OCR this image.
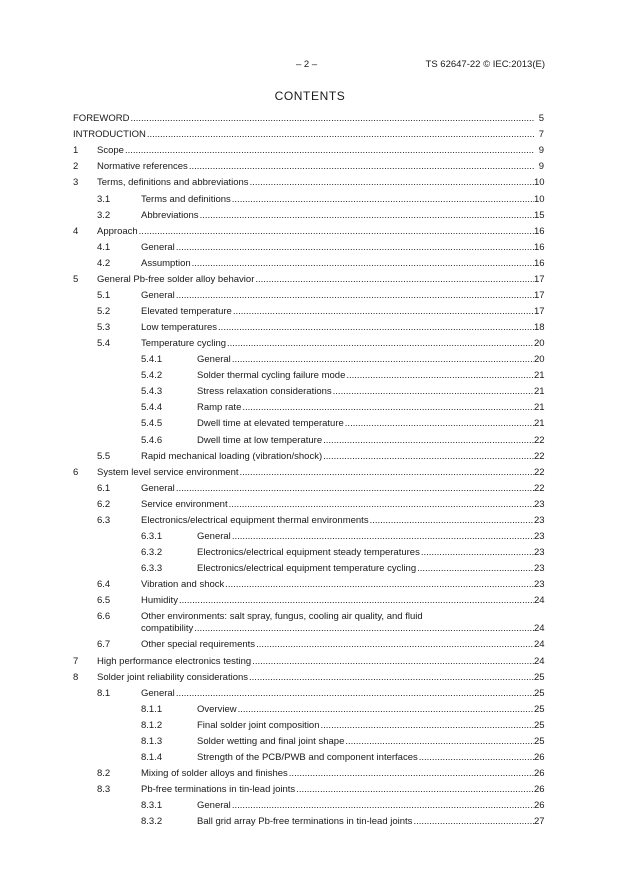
– 2 –	TS 62647-22 © IEC:2013(E)
CONTENTS
FOREWORD .....	5
INTRODUCTION .....	7
1 Scope .....	9
2 Normative references .....	9
3 Terms, definitions and abbreviations .....	10
3.1	Terms and definitions .....	10
3.2	Abbreviations .....	15
4 Approach .....	16
4.1	General .....	16
4.2	Assumption .....	16
5 General Pb-free solder alloy behavior .....	17
5.1	General .....	17
5.2	Elevated temperature .....	17
5.3	Low temperatures .....	18
5.4	Temperature cycling .....	20
5.4.1	General .....	20
5.4.2	Solder thermal cycling failure mode .....	21
5.4.3	Stress relaxation considerations .....	21
5.4.4	Ramp rate .....	21
5.4.5	Dwell time at elevated temperature .....	21
5.4.6	Dwell time at low temperature .....	22
5.5	Rapid mechanical loading (vibration/shock) .....	22
6 System level service environment .....	22
6.1	General .....	22
6.2	Service environment .....	23
6.3	Electronics/electrical equipment thermal environments .....	23
6.3.1	General .....	23
6.3.2	Electronics/electrical equipment steady temperatures .....	23
6.3.3	Electronics/electrical equipment temperature cycling .....	23
6.4	Vibration and shock .....	23
6.5	Humidity .....	24
6.6	Other environments: salt spray, fungus, cooling air quality, and fluid
compatibility .....	24
6.7	Other special requirements .....	24
7 High performance electronics testing .....	24
8 Solder joint reliability considerations .....	25
8.1	General .....	25
8.1.1	Overview .....	25
8.1.2	Final solder joint composition .....	25
8.1.3	Solder wetting and final joint shape .....	25
8.1.4	Strength of the PCB/PWB and component interfaces .....	26
8.2	Mixing of solder alloys and finishes .....	26
8.3	Pb-free terminations in tin-lead joints .....	26
8.3.1	General .....	26
8.3.2	Ball grid array Pb-free terminations in tin-lead joints .....	27
